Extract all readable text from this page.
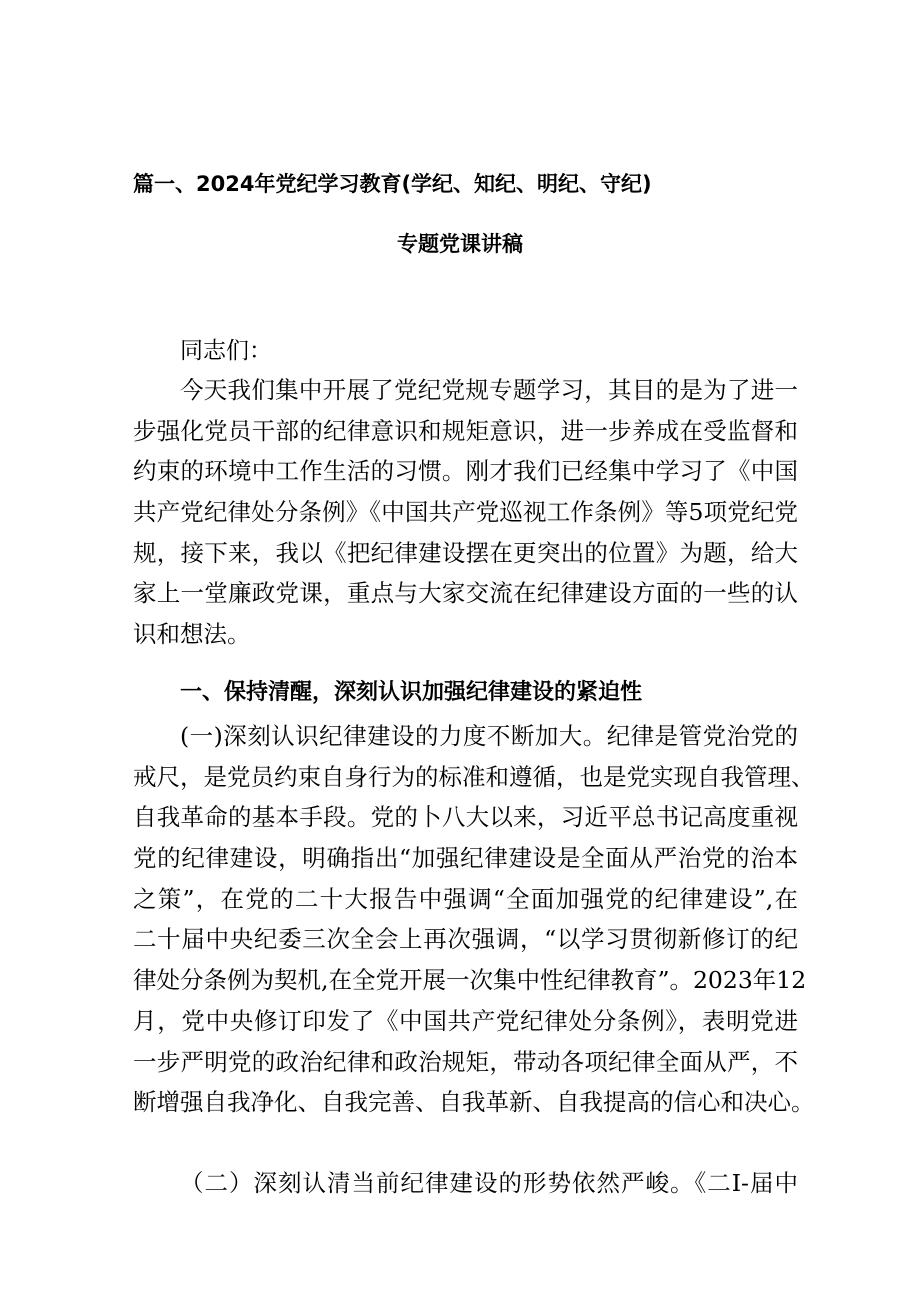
篇一、2024年党纪学习教育(学纪、知纪、明纪、守纪)
专题党课讲稿
同志们：
今天我们集中开展了党纪党规专题学习，其目的是为了进一
步强化党员干部的纪律意识和规矩意识，进一步养成在受监督和
约束的环境中工作生活的习惯。刚才我们已经集中学习了《中国
共产党纪律处分条例》《中国共产党巡视工作条例》等5项党纪党
规，接下来，我以《把纪律建设摆在更突出的位置》为题，给大
家上一堂廉政党课，重点与大家交流在纪律建设方面的一些的认
识和想法。
一、保持清醒，深刻认识加强纪律建设的紧迫性
(一)深刻认识纪律建设的力度不断加大。纪律是管党治党的
戒尺，是党员约束自身行为的标准和遵循，也是党实现自我管理、
自我革命的基本手段。党的卜八大以来，习近平总书记高度重视
党的纪律建设，明确指出“加强纪律建设是全面从严治党的治本
之策”，在党的二十大报告中强调“全面加强党的纪律建设”,在
二十届中央纪委三次全会上再次强调，“以学习贯彻新修订的纪
律处分条例为契机,在全党开展一次集中性纪律教育”。2023年12
月，党中央修订印发了《中国共产党纪律处分条例》，表明党进
一步严明党的政治纪律和政治规矩，带动各项纪律全面从严，不
断增强自我净化、自我完善、自我革新、自我提高的信心和决心。
（二）深刻认清当前纪律建设的形势依然严峻。《二I-届中
